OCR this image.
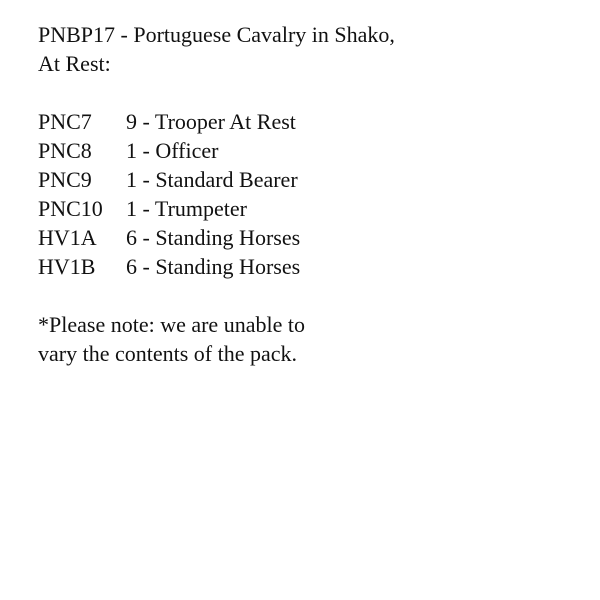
PNBP17 - Portuguese Cavalry in Shako,

At Rest:

PNC7	9 - Trooper At Rest
PNC8	1 - Officer
PNC9	1 - Standard Bearer
PNC10	1 - Trumpeter
HV1A	6 - Standing Horses
HV1B	6 - Standing Horses
*Please note: we are unable to
vary the contents of the pack.
